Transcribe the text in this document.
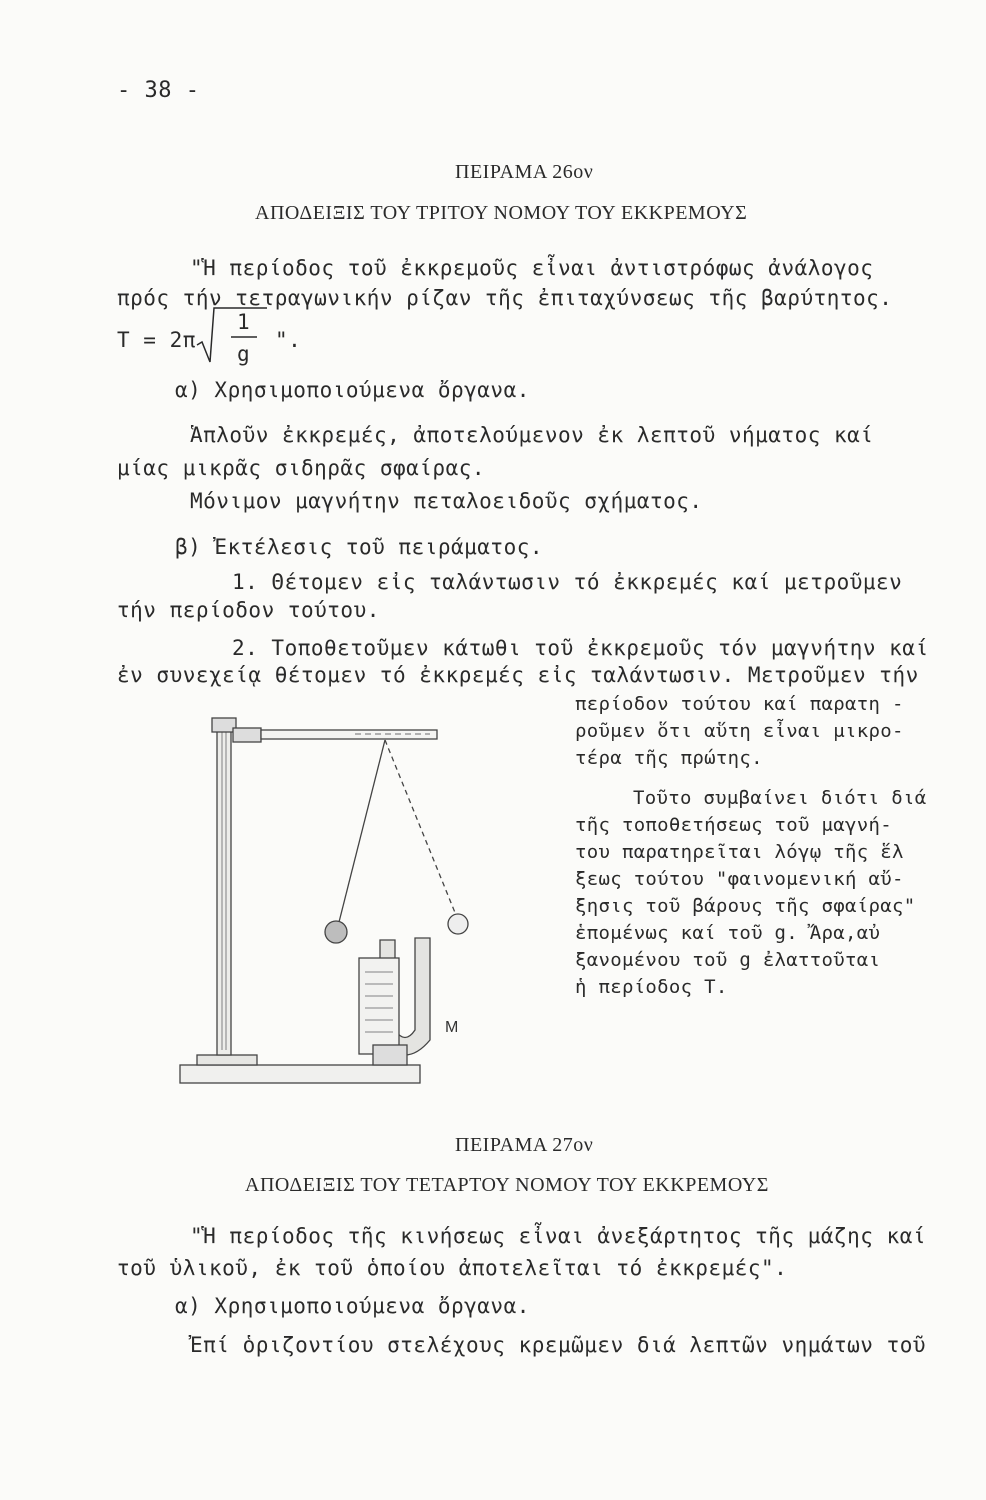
- 38 -
ΠΕΙΡΑΜΑ 26ον
ΑΠΟΔΕΙΞΙΣ ΤΟΥ ΤΡΙΤΟΥ ΝΟΜΟΥ ΤΟΥ ΕΚΚΡΕΜΟΥΣ
"Ἡ περίοδος τοῦ ἐκκρεμοῦς εἶναι ἀντιστρόφως ἀνάλογος
πρός τήν τετραγωνικήν ρίζαν τῆς ἐπιταχύνσεως τῆς βαρύτητος.
T = 2π
1
g
".
α) Χρησιμοποιούμενα ὄργανα.
Ἁπλοῦν ἐκκρεμές, ἀποτελούμενον ἐκ λεπτοῦ νήματος καί
μίας μικρᾶς σιδηρᾶς σφαίρας.
Μόνιμον μαγνήτην πεταλοειδοῦς σχήματος.
β) Ἐκτέλεσις τοῦ πειράματος.
1. Θέτομεν εἰς ταλάντωσιν τό ἐκκρεμές καί μετροῦμεν
τήν περίοδον τούτου.
2. Τοποθετοῦμεν κάτωθι τοῦ ἐκκρεμοῦς τόν μαγνήτην καί
ἐν συνεχείᾳ θέτομεν τό ἐκκρεμές εἰς ταλάντωσιν. Μετροῦμεν τήν
περίοδον τούτου καί παρατη -
ροῦμεν ὅτι αὕτη εἶναι μικρο-
τέρα τῆς πρώτης.
Τοῦτο συμβαίνει διότι διά
τῆς τοποθετήσεως τοῦ μαγνή-
του παρατηρεῖται λόγῳ τῆς ἕλ
ξεως τούτου "φαινομενική αὔ-
ξησις τοῦ βάρους τῆς σφαίρας"
ἑπομένως καί τοῦ g. Ἄρα,αὐ
ξανομένου τοῦ g ἐλαττοῦται
ἡ περίοδος Τ.
M
ΠΕΙΡΑΜΑ 27ον
ΑΠΟΔΕΙΞΙΣ ΤΟΥ ΤΕΤΑΡΤΟΥ ΝΟΜΟΥ ΤΟΥ ΕΚΚΡΕΜΟΥΣ
"Ἡ περίοδος τῆς κινήσεως εἶναι ἀνεξάρτητος τῆς μάζης καί
τοῦ ὑλικοῦ, ἐκ τοῦ ὁποίου ἀποτελεῖται τό ἐκκρεμές".
α) Χρησιμοποιούμενα ὄργανα.
Ἐπί ὁριζοντίου στελέχους κρεμῶμεν διά λεπτῶν νημάτων τοῦ
